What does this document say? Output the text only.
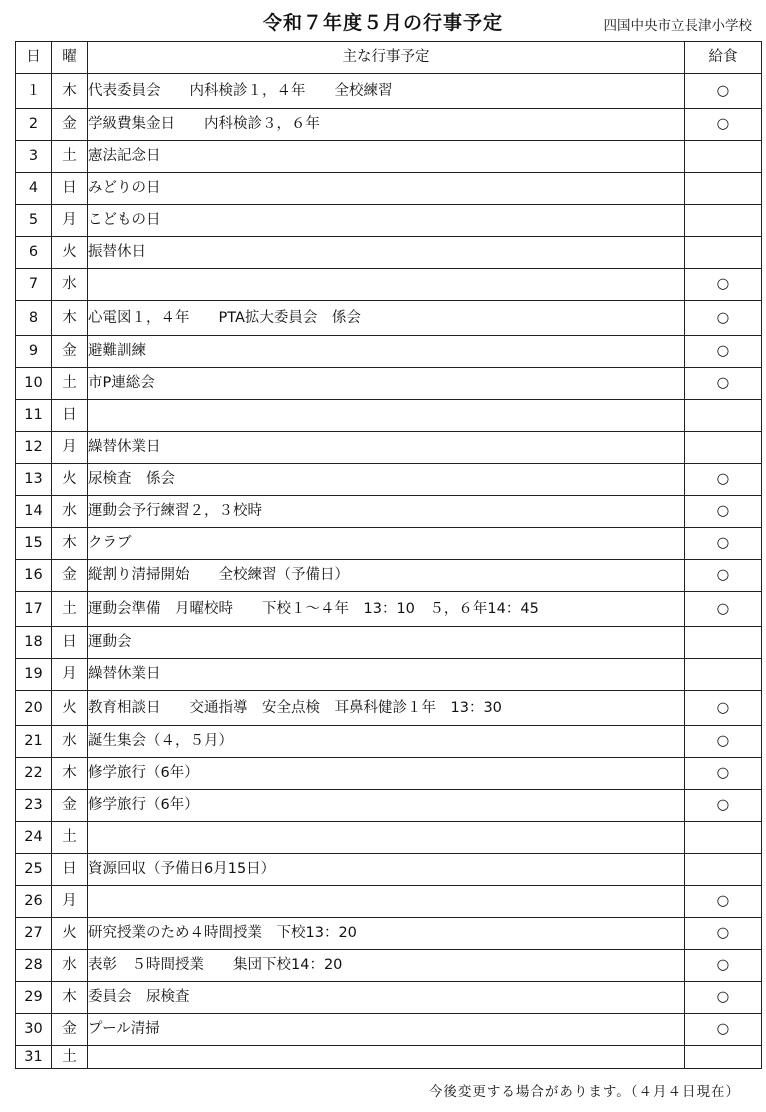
令和７年度５月の行事予定	四国中央市立長津小学校
日	曜	主な行事予定	給食
１	木	代表委員会　　内科検診１，４年　　全校練習	○
2	金	学級費集金日　　内科検診３，６年	○
3	土	憲法記念日	
4	日	みどりの日	
5	月	こどもの日	
6	火	振替休日	
7	水		○
8	木	心電図１，４年　　PTA拡大委員会　係会	○
9	金	避難訓練	○
10	土	市P連総会	○
11	日		
12	月	繰替休業日	
13	火	尿検査　係会	○
14	水	運動会予行練習２，３校時	○
15	木	クラブ	○
16	金	縦割り清掃開始　　全校練習（予備日）	○
17	土	運動会準備　月曜校時　　下校１～４年　13：10　５，６年14：45	○
18	日	運動会	
19	月	繰替休業日	
20	火	教育相談日　　交通指導　安全点検　耳鼻科健診１年　13：30	○
21	水	誕生集会（４，５月）	○
22	木	修学旅行（6年）	○
23	金	修学旅行（6年）	○
24	土		
25	日	資源回収（予備日6月15日）	
26	月		○
27	火	研究授業のため４時間授業　下校13：20	○
28	水	表彰　５時間授業　　集団下校14：20	○
29	木	委員会　尿検査	○
30	金	プール清掃	○
31	土		
今後変更する場合があります。（４月４日現在）
